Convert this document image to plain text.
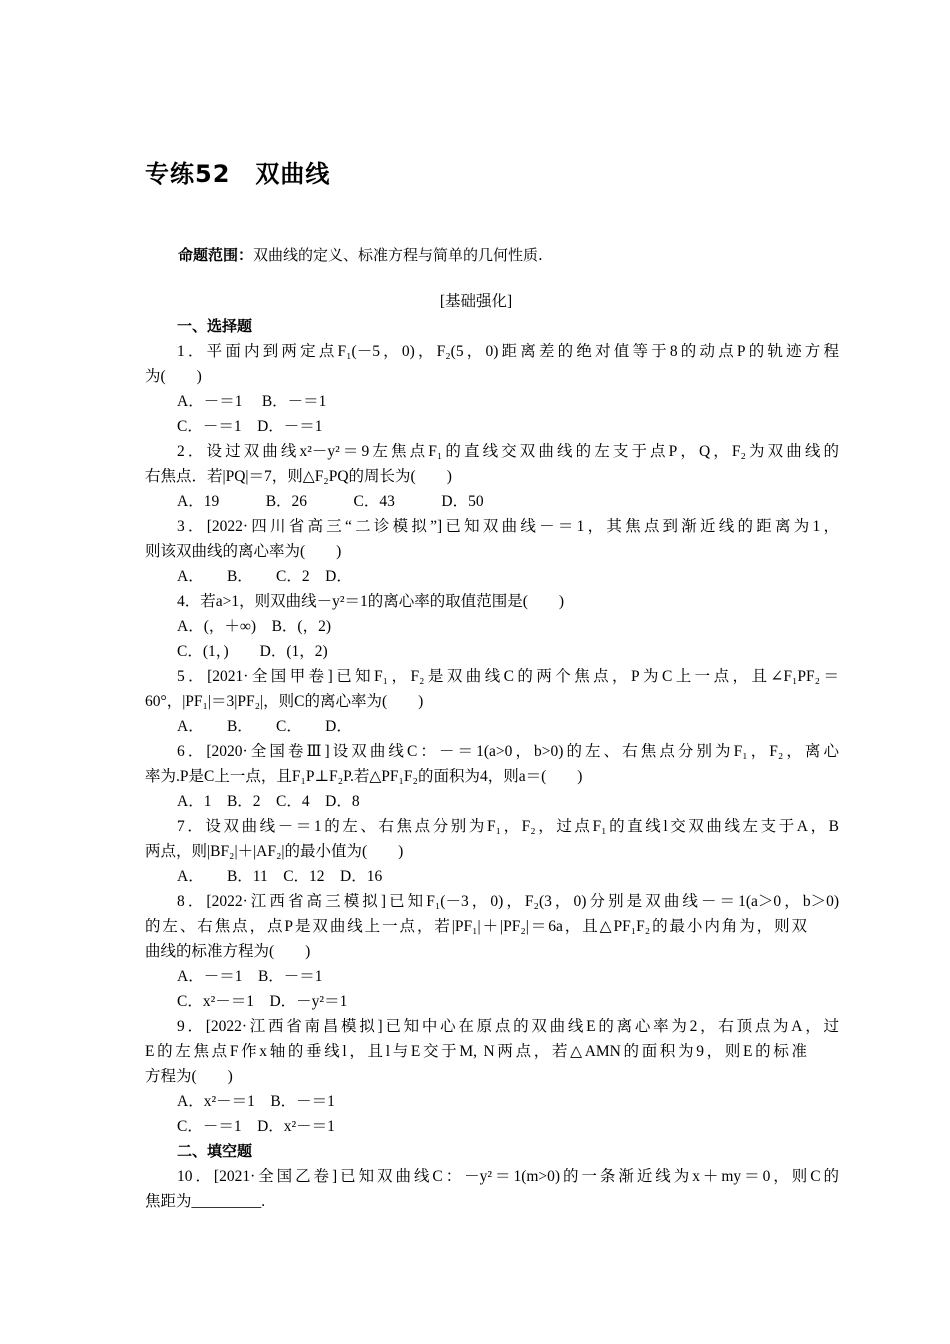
专练52　双曲线
命题范围：双曲线的定义、标准方程与简单的几何性质.
[基础强化]
一、选择题
1．平面内到两定点F₁(－5，0)，F₂(5，0)距离差的绝对值等于8的动点P的轨迹方程
为(　　)
A．－＝1　 B．－＝1
C．－＝1　D．－＝1
2．设过双曲线x²－y²＝9左焦点F₁的直线交双曲线的左支于点P，Q，F₂为双曲线的
右焦点．若|PQ|＝7，则△F₂PQ的周长为(　　)
A．19　　　B．26　　　C．43　　　D．50
3．[2022·四川省高三“二诊模拟”]已知双曲线－＝1，其焦点到渐近线的距离为1，
则该双曲线的离心率为(　　)
A．　　B．　　C．2　D．
4．若a>1，则双曲线－y²＝1的离心率的取值范围是(　　)
A．(，＋∞)　B．(，2)
C．(1，)　　D．(1，2)
5．[2021·全国甲卷]已知F₁，F₂是双曲线C的两个焦点，P为C上一点，且∠F₁PF₂＝
60°，|PF₁|＝3|PF₂|，则C的离心率为(　　)
A．　　B．　　C．　　D．
6．[2020·全国卷Ⅲ]设双曲线C：－＝1(a>0，b>0)的左、右焦点分别为F₁，F₂，离心
率为.P是C上一点，且F₁P⊥F₂P.若△PF₁F₂的面积为4，则a＝(　　)
A．1　B．2　C．4　D．8
7．设双曲线－＝1的左、右焦点分别为F₁，F₂，过点F₁的直线l交双曲线左支于A，B
两点，则|BF₂|＋|AF₂|的最小值为(　　)
A．　　B．11　C．12　D．16
8．[2022·江西省高三模拟]已知F₁(－3，0)，F₂(3，0)分别是双曲线－＝1(a＞0，b＞0)
的左、右焦点，点P是双曲线上一点，若|PF₁|＋|PF₂|＝6a，且△PF₁F₂的最小内角为，则双
曲线的标准方程为(　　)
A．－＝1　B．－＝1
C．x²－＝1　D．－y²＝1
9．[2022·江西省南昌模拟]已知中心在原点的双曲线E的离心率为2，右顶点为A，过
E的左焦点F作x轴的垂线l，且l与E交于M, N两点，若△AMN的面积为9，则E的标准
方程为(　　)
A．x²－＝1　B．－＝1
C．－＝1　D．x²－＝1
二、填空题
10．[2021·全国乙卷]已知双曲线C：－y²＝1(m>0)的一条渐近线为x＋my＝0，则C的
焦距为_________.
